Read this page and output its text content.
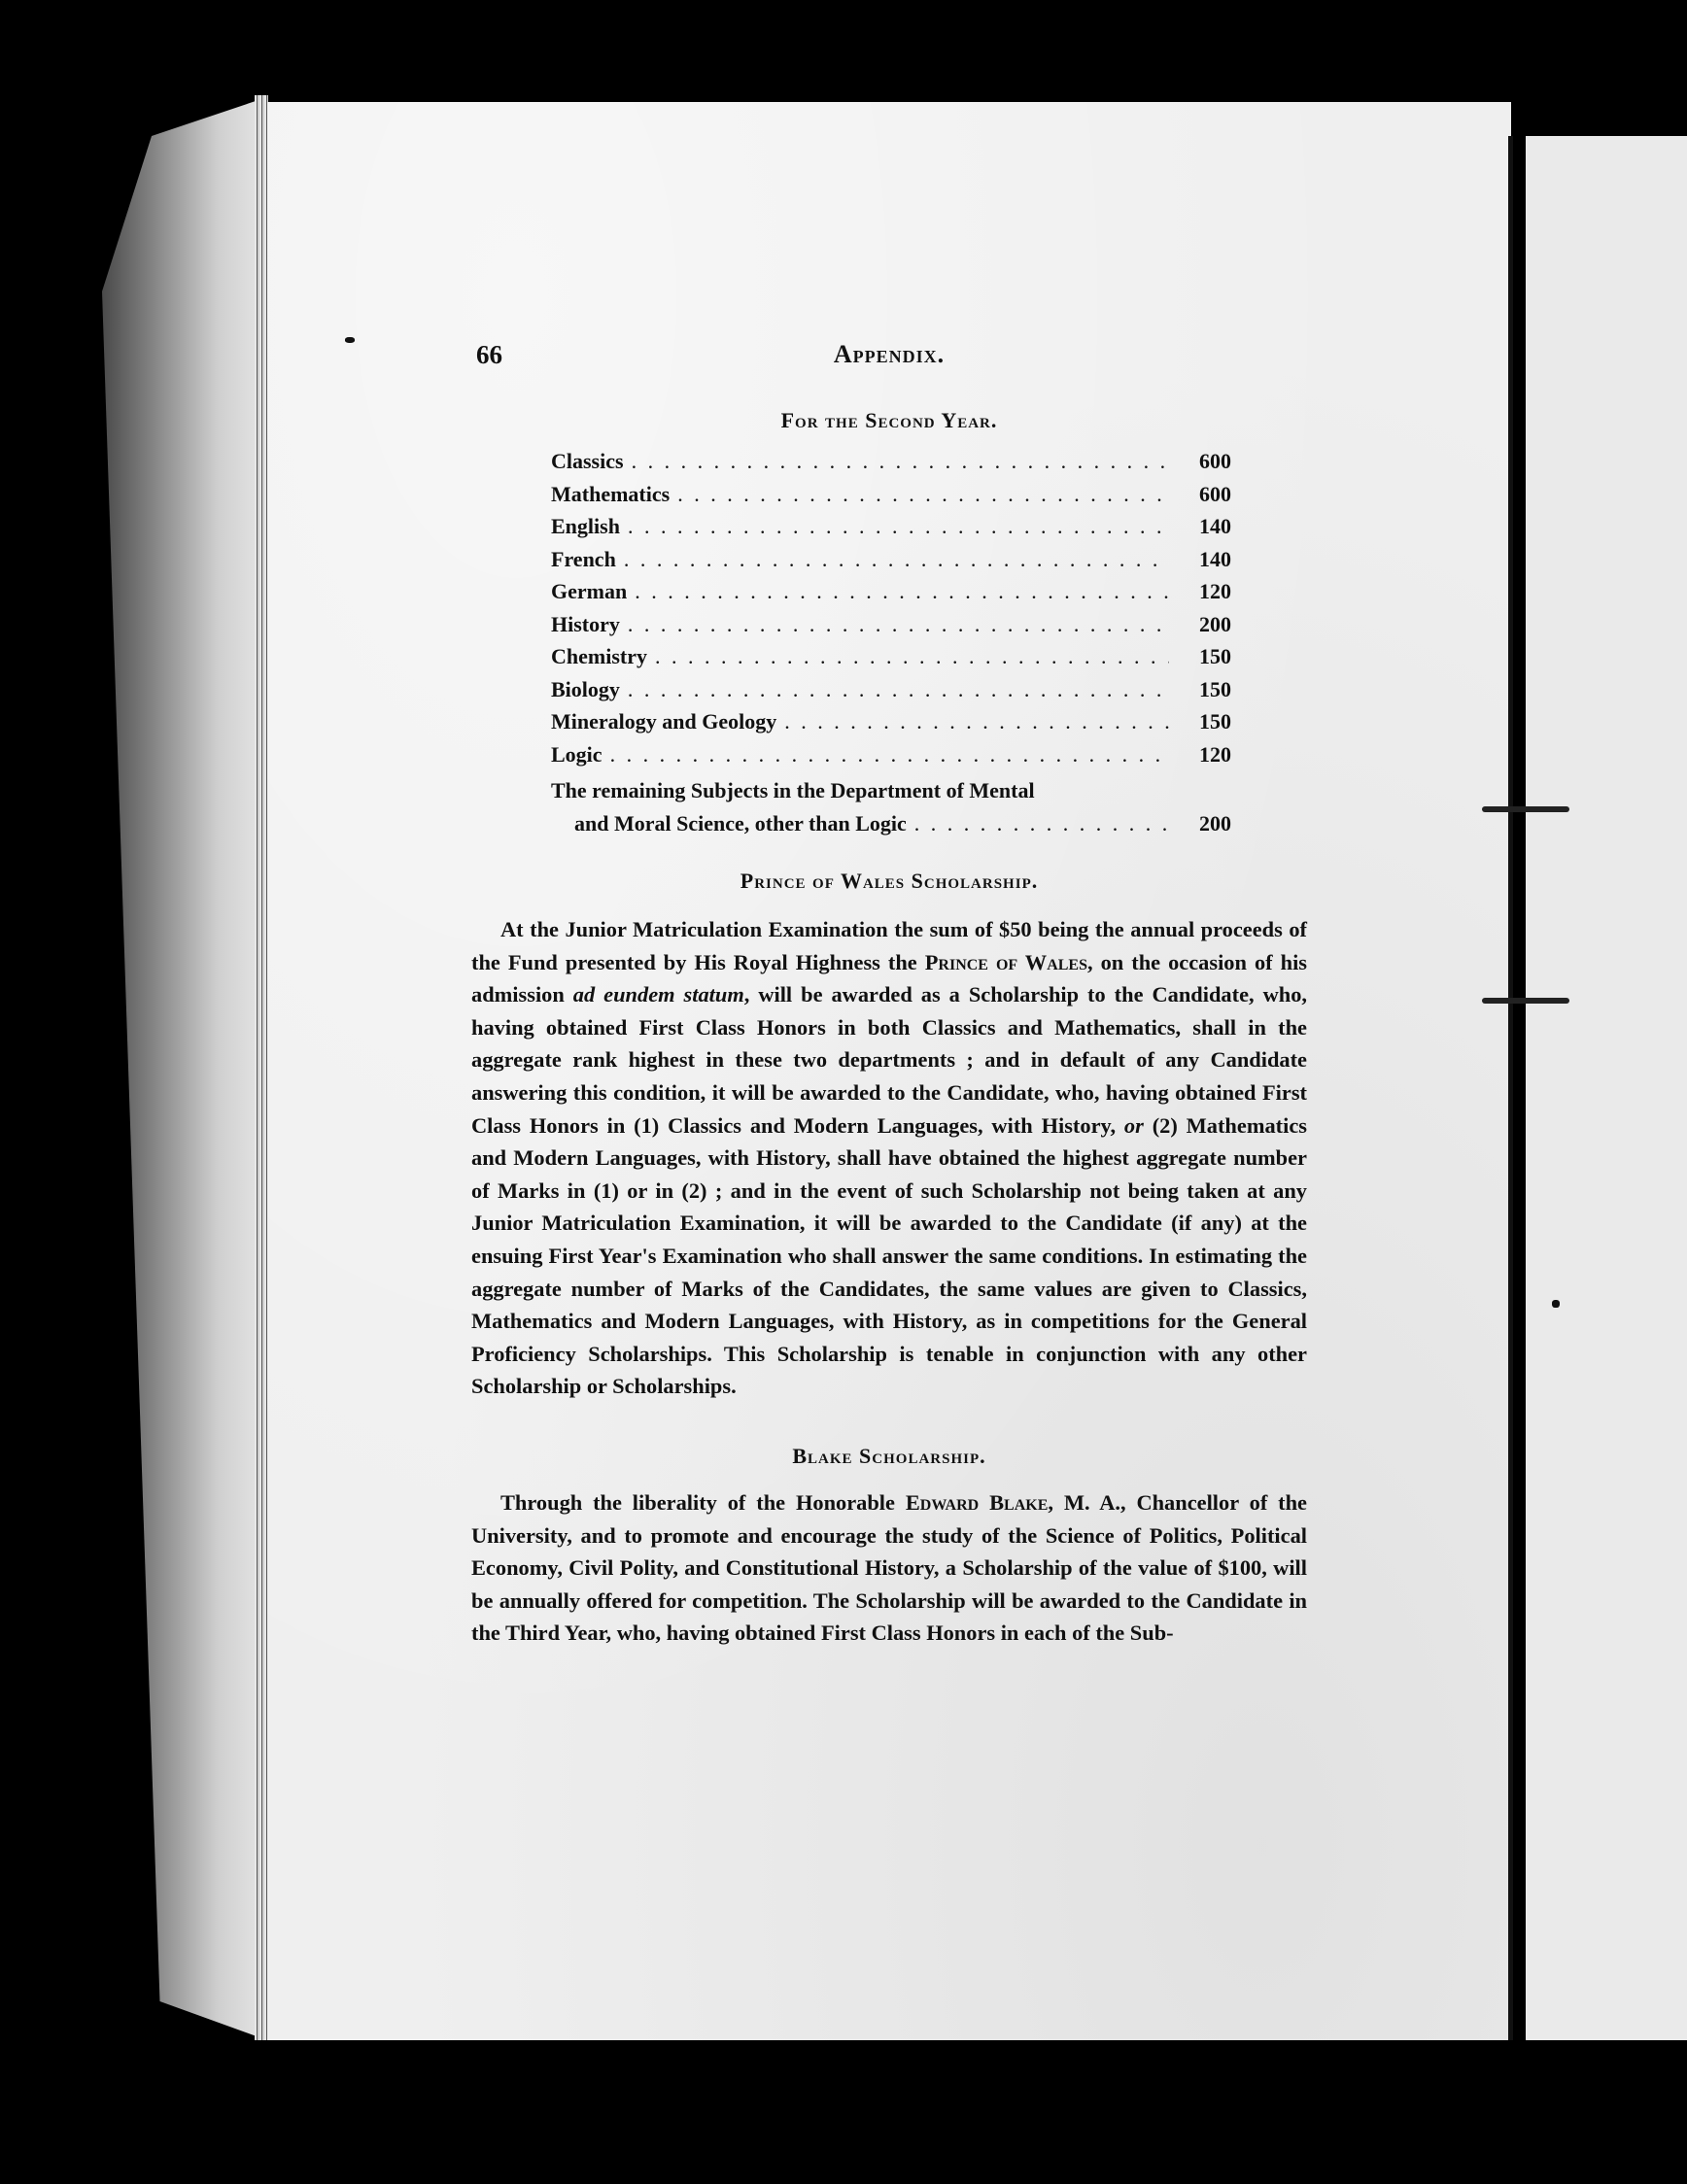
66	Appendix.
For the Second Year.
Classics . . .	600
Mathematics . . .	600
English . . .	140
French . . .	140
German . . .	120
History . . .	200
Chemistry . . .	150
Biology . . .	150
Mineralogy and Geology . . .	150
Logic . . .	120
The remaining Subjects in the Department of Mental
and Moral Science, other than Logic . . .	200
Prince of Wales Scholarship.

At the Junior Matriculation Examination the sum of $50 being the annual proceeds of the Fund presented by His Royal Highness the Prince of Wales, on the occasion of his admission ad eundem statum, will be awarded as a Scholarship to the Candidate, who, having obtained First Class Honors in both Classics and Mathematics, shall in the aggregate rank highest in these two departments ; and in default of any Candidate answering this condition, it will be awarded to the Candidate, who, having obtained First Class Honors in (1) Classics and Modern Languages, with History, or (2) Mathematics and Modern Languages, with History, shall have obtained the highest aggregate number of Marks in (1) or in (2) ; and in the event of such Scholarship not being taken at any Junior Matriculation Examination, it will be awarded to the Candidate (if any) at the ensuing First Year's Examination who shall answer the same conditions. In estimating the aggregate number of Marks of the Candidates, the same values are given to Classics, Mathematics and Modern Languages, with History, as in competitions for the General Proficiency Scholarships. This Scholarship is tenable in conjunction with any other Scholarship or Scholarships.

Blake Scholarship.

Through the liberality of the Honorable Edward Blake, M. A., Chancellor of the University, and to promote and encourage the study of the Science of Politics, Political Economy, Civil Polity, and Constitutional History, a Scholarship of the value of $100, will be annually offered for competition. The Scholarship will be awarded to the Candidate in the Third Year, who, having obtained First Class Honors in each of the Sub-
